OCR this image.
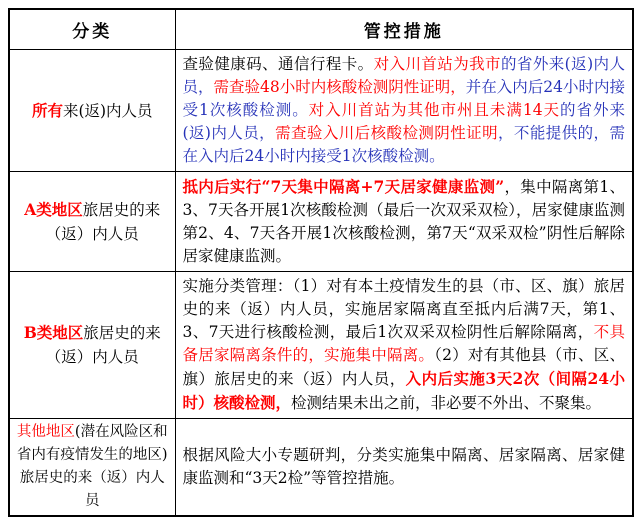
分类	管控措施
所有来(返)内人员	查验健康码、通信行程卡。对入川首站为我市的省外来(返)内人员，需查验48小时内核酸检测阴性证明，并在入内后24小时内接受1次核酸检测。对入川首站为其他市州且未满14天的省外来(返)内人员，需查验入川后核酸检测阴性证明，不能提供的，需在入内后24小时内接受1次核酸检测。
A类地区旅居史的来（返）内人员	抵内后实行“7天集中隔离+7天居家健康监测”，集中隔离第1、3、7天各开展1次核酸检测（最后一次双采双检），居家健康监测第2、4、7天各开展1次核酸检测，第7天“双采双检”阴性后解除居家健康监测。
B类地区旅居史的来（返）内人员	实施分类管理：（1）对有本土疫情发生的县（市、区、旗）旅居史的来（返）内人员，实施居家隔离直至抵内后满7天，第1、3、7天进行核酸检测，最后1次双采双检阴性后解除隔离，不具备居家隔离条件的，实施集中隔离。（2）对有其他县（市、区、旗）旅居史的来（返）内人员，入内后实施3天2次（间隔24小时）核酸检测，检测结果未出之前，非必要不外出、不聚集。
其他地区(潜在风险区和省内有疫情发生的地区)旅居史的来（返）内人员	根据风险大小专题研判，分类实施集中隔离、居家隔离、居家健康监测和“3天2检”等管控措施。
